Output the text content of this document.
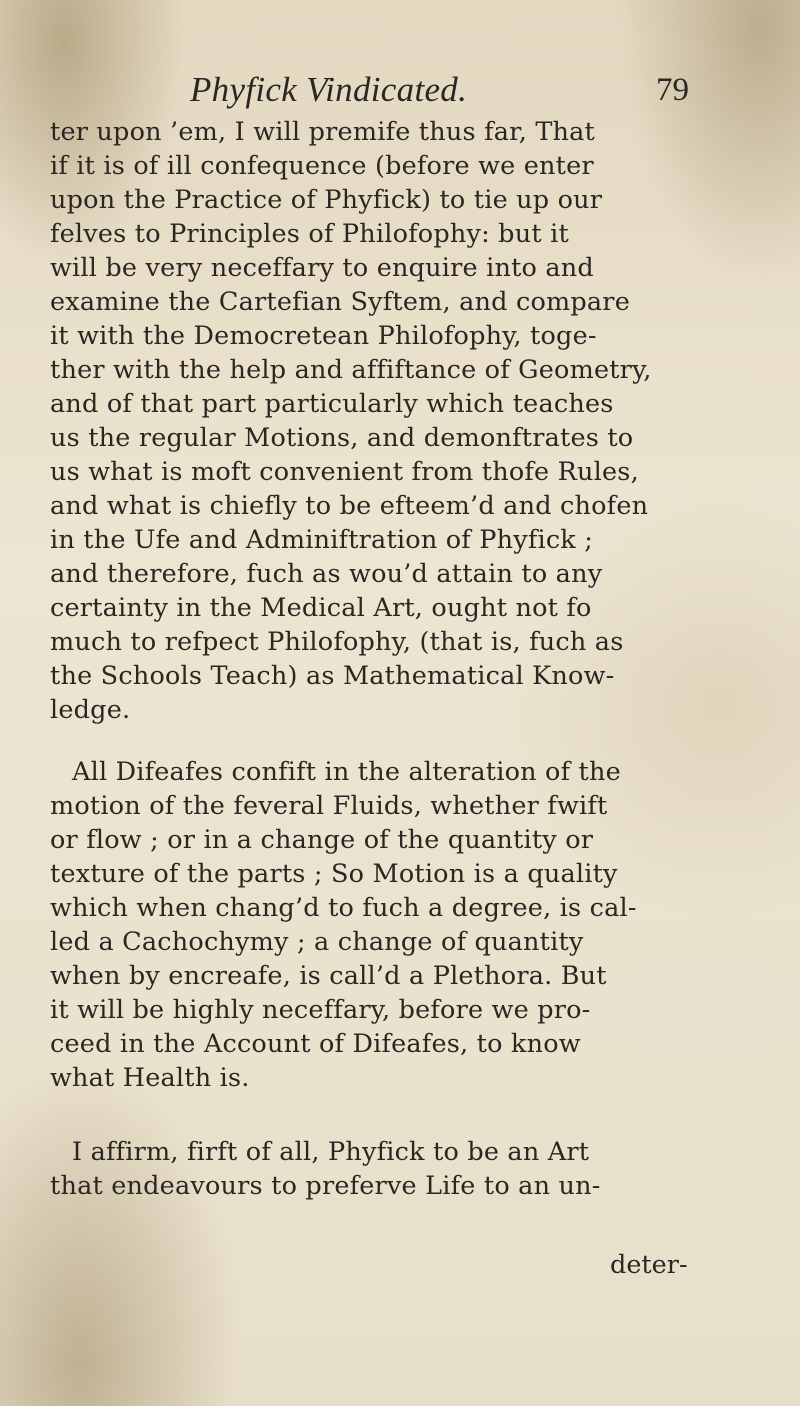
Phyfick Vindicated.	79
ter upon ’em, I will premife thus far, That
if it is of ill confequence (before we enter
upon the Practice of Phyfick) to tie up our
felves to Principles of Philofophy: but it
will be very neceffary to enquire into and
examine the Cartefian Syftem, and compare
it with the Democretean Philofophy, toge-
ther with the help and affiftance of Geometry,
and of that part particularly which teaches
us the regular Motions, and demonftrates to
us what is moft convenient from thofe Rules,
and what is chiefly to be efteem’d and chofen
in the Ufe and Adminiftration of Phyfick ;
and therefore, fuch as wou’d attain to any
certainty in the Medical Art, ought not fo
much to refpect Philofophy, (that is, fuch as
the Schools Teach) as Mathematical Know-
ledge.
All Difeafes confift in the alteration of the
motion of the feveral Fluids, whether fwift
or flow ; or in a change of the quantity or
texture of the parts ; So Motion is a quality
which when chang’d to fuch a degree, is cal-
led a Cachochymy ; a change of quantity
when by encreafe, is call’d a Plethora. But
it will be highly neceffary, before we pro-
ceed in the Account of Difeafes, to know
what Health is.
I affirm, firft of all, Phyfick to be an Art
that endeavours to preferve Life to an un-
deter-
